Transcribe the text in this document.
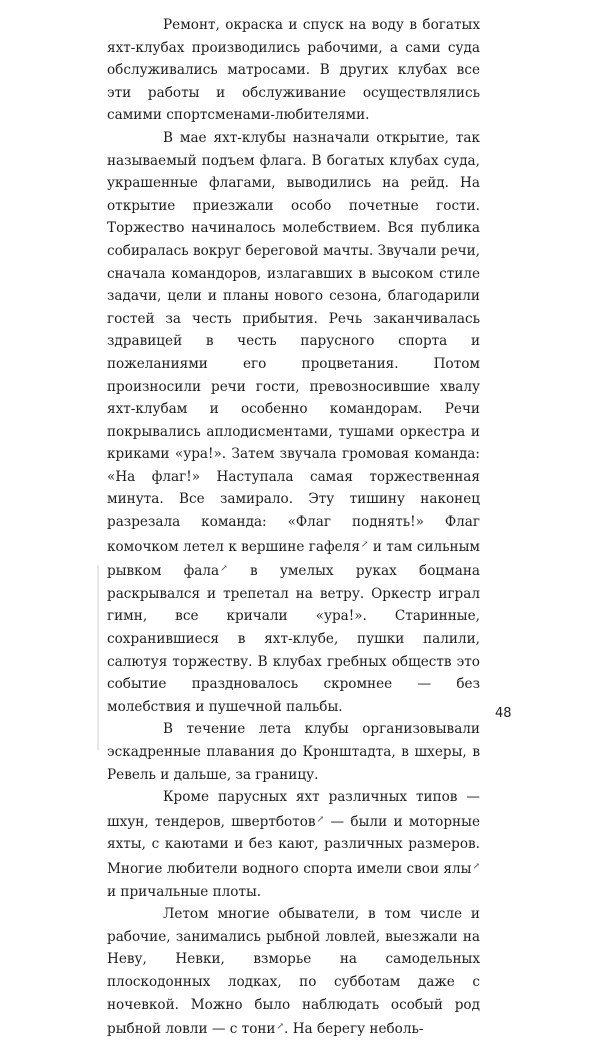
Ремонт, окраска и спуск на воду в богатых яхт-клубах производились рабочими, а сами суда обслуживались матросами. В других клубах все эти работы и обслуживание осуществлялись самими спортсменами-любителями.

В мае яхт-клубы назначали открытие, так называемый подъем флага. В богатых клубах суда, украшенные флагами, выводились на рейд. На открытие приезжали особо почетные гости. Торжество начиналось молебствием. Вся публика собиралась вокруг береговой мачты. Звучали речи, сначала командоров, излагавших в высоком стиле задачи, цели и планы нового сезона, благодарили гостей за честь прибытия. Речь заканчивалась здравицей в честь парусного спорта и пожеланиями его процветания. Потом произносили речи гости, превозносившие хвалу яхт-клубам и особенно командорам. Речи покрывались аплодисментами, тушами оркестра и криками «ура!». Затем звучала громовая команда: «На флаг!» Наступала самая торжественная минута. Все замирало. Эту тишину наконец разрезала команда: «Флаг поднять!» Флаг комочком летел к вершине гафеля↗ и там сильным рывком фала↗ в умелых руках боцмана раскрывался и трепетал на ветру. Оркестр играл гимн, все кричали «ура!». Старинные, сохранившиеся в яхт-клубе, пушки палили, салютуя торжеству. В клубах гребных обществ это событие праздновалось скромнее — без молебствия и пушечной пальбы.

В течение лета клубы организовывали эскадренные плавания до Кронштадта, в шхеры, в Ревель и дальше, за границу.

Кроме парусных яхт различных типов — шхун, тендеров, швертботов↗ — были и моторные яхты, с каютами и без кают, различных размеров. Многие любители водного спорта имели свои ялы↗ и причальные плоты.

Летом многие обыватели, в том числе и рабочие, занимались рыбной ловлей, выезжали на Неву, Невки, взморье на самодельных плоскодонных лодках, по субботам даже с ночевкой. Можно было наблюдать особый род рыбной ловли — с тони↗. На берегу неболь-

48
